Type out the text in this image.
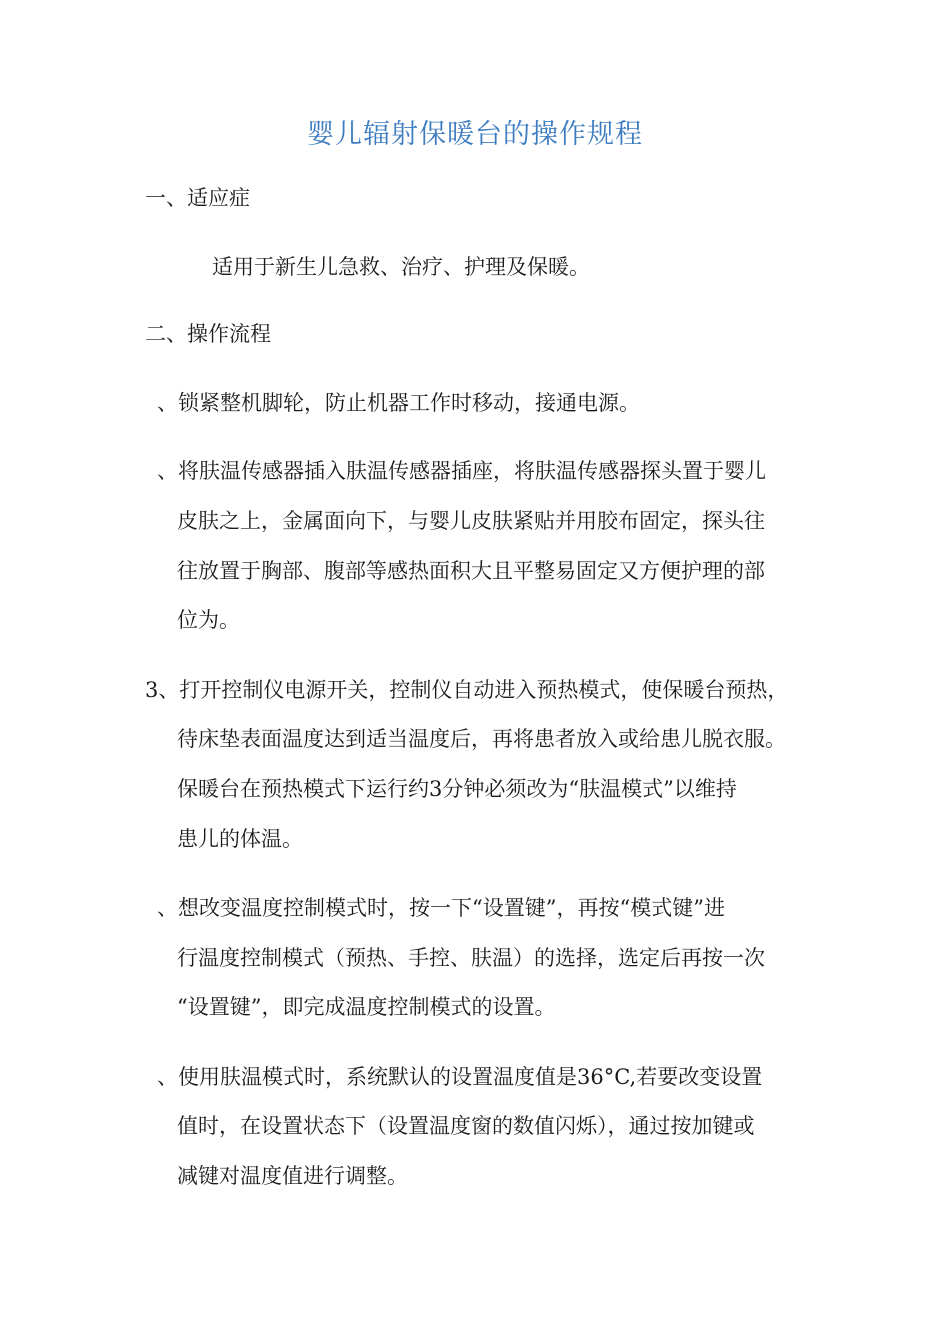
婴儿辐射保暖台的操作规程

一、适应症

适用于新生儿急救、治疗、护理及保暖。

二、操作流程

、锁紧整机脚轮，防止机器工作时移动，接通电源。
、将肤温传感器插入肤温传感器插座，将肤温传感器探头置于婴儿
皮肤之上，金属面向下，与婴儿皮肤紧贴并用胶布固定，探头往
往放置于胸部、腹部等感热面积大且平整易固定又方便护理的部
位为。
3、打开控制仪电源开关，控制仪自动进入预热模式，使保暖台预热，
待床垫表面温度达到适当温度后，再将患者放入或给患儿脱衣服。
保暖台在预热模式下运行约3分钟必须改为“肤温模式”以维持
患儿的体温。
、想改变温度控制模式时，按一下“设置键”，再按“模式键”进
行温度控制模式（预热、手控、肤温）的选择，选定后再按一次
“设置键”，即完成温度控制模式的设置。
、使用肤温模式时，系统默认的设置温度值是36°C,若要改变设置
值时，在设置状态下（设置温度窗的数值闪烁），通过按加键或
减键对温度值进行调整。
